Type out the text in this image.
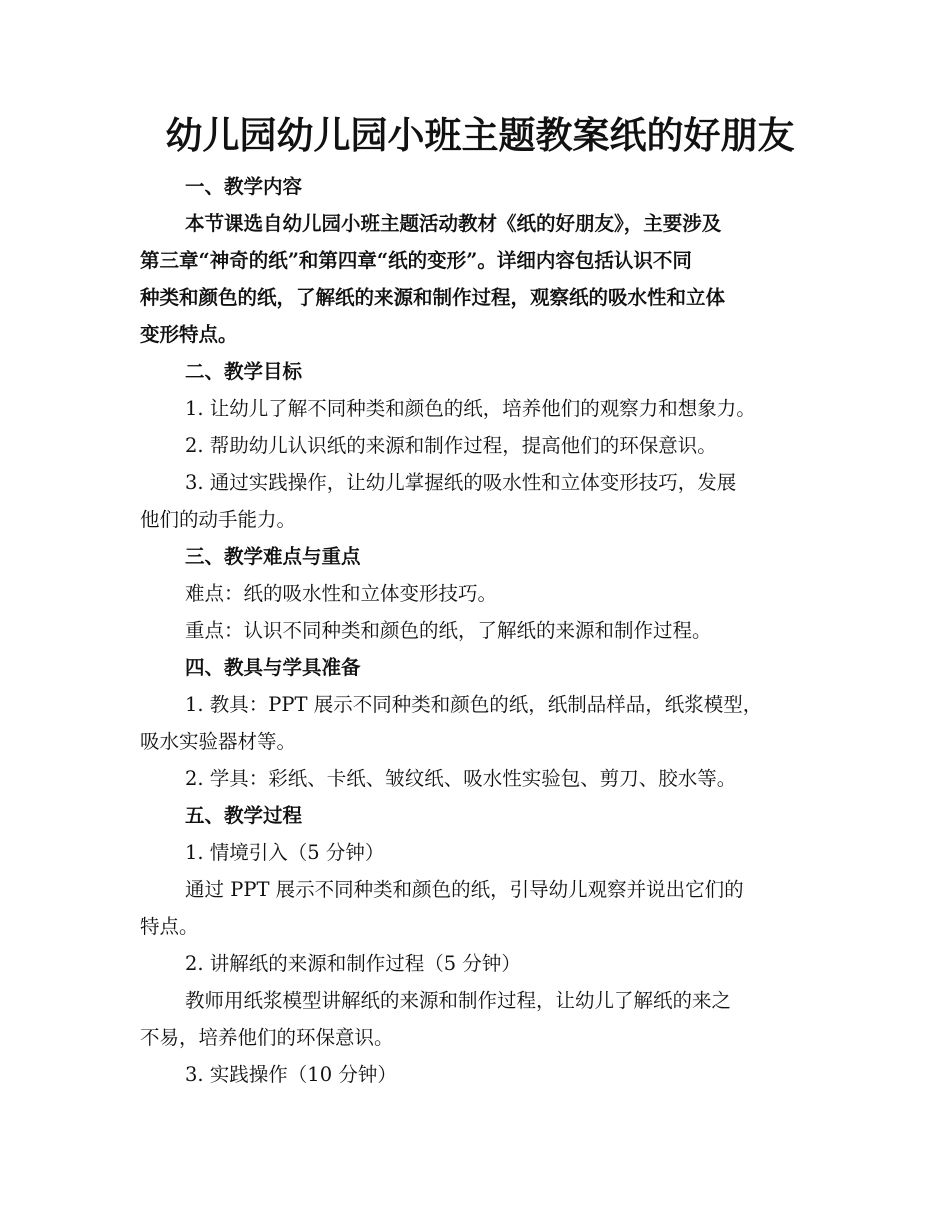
幼儿园幼儿园小班主题教案纸的好朋友
一、教学内容
本节课选自幼儿园小班主题活动教材《纸的好朋友》，主要涉及
第三章“神奇的纸”和第四章“纸的变形”。详细内容包括认识不同
种类和颜色的纸，了解纸的来源和制作过程，观察纸的吸水性和立体
变形特点。
二、教学目标
1. 让幼儿了解不同种类和颜色的纸，培养他们的观察力和想象力。
2. 帮助幼儿认识纸的来源和制作过程，提高他们的环保意识。
3. 通过实践操作，让幼儿掌握纸的吸水性和立体变形技巧，发展
他们的动手能力。
三、教学难点与重点
难点：纸的吸水性和立体变形技巧。
重点：认识不同种类和颜色的纸，了解纸的来源和制作过程。
四、教具与学具准备
1. 教具：PPT 展示不同种类和颜色的纸，纸制品样品，纸浆模型，
吸水实验器材等。
2. 学具：彩纸、卡纸、皱纹纸、吸水性实验包、剪刀、胶水等。
五、教学过程
1. 情境引入（5 分钟）
通过 PPT 展示不同种类和颜色的纸，引导幼儿观察并说出它们的
特点。
2. 讲解纸的来源和制作过程（5 分钟）
教师用纸浆模型讲解纸的来源和制作过程，让幼儿了解纸的来之
不易，培养他们的环保意识。
3. 实践操作（10 分钟）
